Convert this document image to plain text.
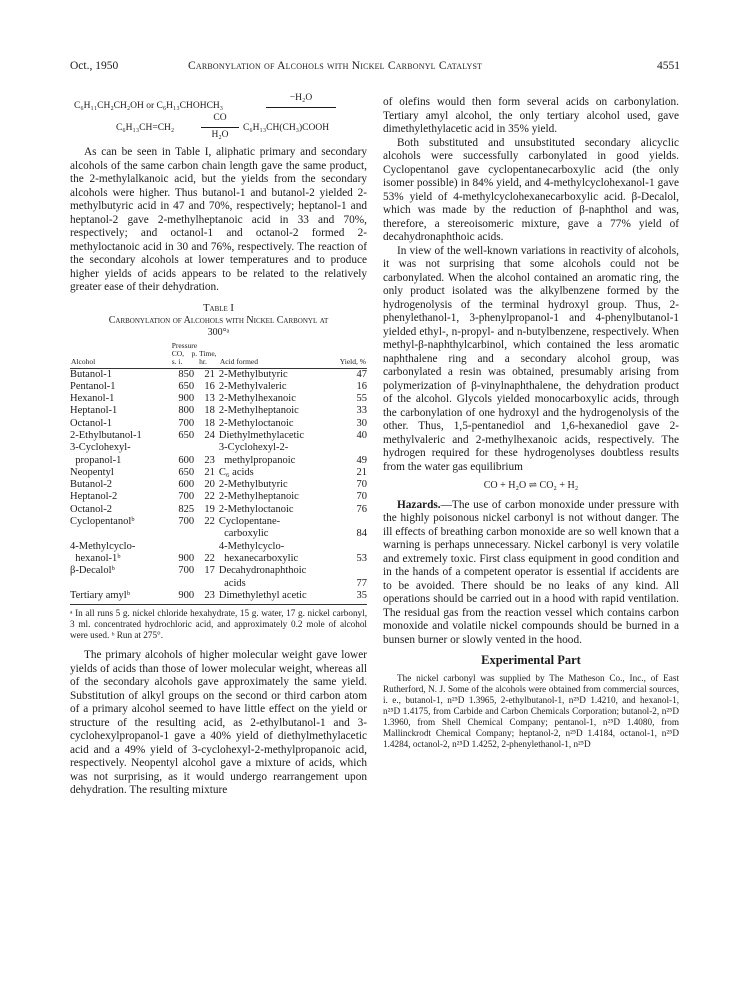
Oct., 1950	Carbonylation of Alcohols with Nickel Carbonyl Catalyst	4551
C₆H₁₁CH₂CH₂OH or C₆H₁₃CHOHCH₃
−H₂O
C₆H₁₃CH=CH₂
CO
H₂O
C₆H₁₃CH(CH₃)COOH

As can be seen in Table I, aliphatic primary and secondary alcohols of the same carbon chain length gave the same product, the 2-methylalkanoic acid, but the yields from the secondary alcohols were higher. Thus butanol-1 and butanol-2 yielded 2-methylbutyric acid in 47 and 70%, respectively; heptanol-1 and heptanol-2 gave 2-methylheptanoic acid in 33 and 70%, respectively; and octanol-1 and octanol-2 formed 2-methyloctanoic acid in 30 and 76%, respectively. The reaction of the secondary alcohols at lower temperatures and to produce higher yields of acids appears to be related to the relatively greater ease of their dehydration.

Table I
Carbonylation of Alcohols with Nickel Carbonyl at
300°ᵃ
Alcohol	Pressure CO, p. s. i.	Time, hr.	Acid formed	Yield, %
Butanol-1	850	21	2-Methylbutyric	47
Pentanol-1	650	16	2-Methylvaleric	16
Hexanol-1	900	13	2-Methylhexanoic	55
Heptanol-1	800	18	2-Methylheptanoic	33
Octanol-1	700	18	2-Methyloctanoic	30
2-Ethylbutanol-1	650	24	Diethylmethylacetic	40
3-Cyclohexyl-			3-Cyclohexyl-2-	
propanol-1	600	23	methylpropanoic	49
Neopentyl	650	21	C₆ acids	21
Butanol-2	600	20	2-Methylbutyric	70
Heptanol-2	700	22	2-Methylheptanoic	70
Octanol-2	825	19	2-Methyloctanoic	76
Cyclopentanolᵇ	700	22	Cyclopentane-	
			carboxylic	84
4-Methylcyclo-			4-Methylcyclo-	
hexanol-1ᵇ	900	22	hexanecarboxylic	53
β-Decalolᵇ	700	17	Decahydronaphthoic	
			acids	77
Tertiary amylᵇ	900	23	Dimethylethyl acetic	35
ᵃ In all runs 5 g. nickel chloride hexahydrate, 15 g. water, 17 g. nickel carbonyl, 3 ml. concentrated hydrochloric acid, and approximately 0.2 mole of alcohol were used. ᵇ Run at 275°.

The primary alcohols of higher molecular weight gave lower yields of acids than those of lower molecular weight, whereas all of the secondary alcohols gave approximately the same yield. Substitution of alkyl groups on the second or third carbon atom of a primary alcohol seemed to have little effect on the yield or structure of the resulting acid, as 2-ethylbutanol-1 and 3-cyclohexylpropanol-1 gave a 40% yield of diethylmethylacetic acid and a 49% yield of 3-cyclohexyl-2-methylpropanoic acid, respectively. Neopentyl alcohol gave a mixture of acids, which was not surprising, as it would undergo rearrangement upon dehydration. The resulting mixture

of olefins would then form several acids on carbonylation. Tertiary amyl alcohol, the only tertiary alcohol used, gave dimethylethylacetic acid in 35% yield.

Both substituted and unsubstituted secondary alicyclic alcohols were successfully carbonylated in good yields. Cyclopentanol gave cyclopentanecarboxylic acid (the only isomer possible) in 84% yield, and 4-methylcyclohexanol-1 gave 53% yield of 4-methylcyclohexanecarboxylic acid. β-Decalol, which was made by the reduction of β-naphthol and was, therefore, a stereoisomeric mixture, gave a 77% yield of decahydronaphthoic acids.

In view of the well-known variations in reactivity of alcohols, it was not surprising that some alcohols could not be carbonylated. When the alcohol contained an aromatic ring, the only product isolated was the alkylbenzene formed by the hydrogenolysis of the terminal hydroxyl group. Thus, 2-phenylethanol-1, 3-phenylpropanol-1 and 4-phenylbutanol-1 yielded ethyl-, n-propyl- and n-butylbenzene, respectively. When methyl-β-naphthylcarbinol, which contained the less aromatic naphthalene ring and a secondary alcohol group, was carbonylated a resin was obtained, presumably arising from polymerization of β-vinylnaphthalene, the dehydration product of the alcohol. Glycols yielded monocarboxylic acids, through the carbonylation of one hydroxyl and the hydrogenolysis of the other. Thus, 1,5-pentanediol and 1,6-hexanediol gave 2-methylvaleric and 2-methylhexanoic acids, respectively. The hydrogen required for these hydrogenolyses doubtless results from the water gas equilibrium

CO + H₂O ⇌ CO₂ + H₂

Hazards.—The use of carbon monoxide under pressure with the highly poisonous nickel carbonyl is not without danger. The ill effects of breathing carbon monoxide are so well known that a warning is perhaps unnecessary. Nickel carbonyl is very volatile and extremely toxic. First class equipment in good condition and in the hands of a competent operator is essential if accidents are to be avoided. There should be no leaks of any kind. All operations should be carried out in a hood with rapid ventilation. The residual gas from the reaction vessel which contains carbon monoxide and volatile nickel compounds should be burned in a bunsen burner or slowly vented in the hood.

Experimental Part

The nickel carbonyl was supplied by The Matheson Co., Inc., of East Rutherford, N. J. Some of the alcohols were obtained from commercial sources, i. e., butanol-1, n²⁵D 1.3965, 2-ethylbutanol-1, n²⁵D 1.4210, and hexanol-1, n²⁵D 1.4175, from Carbide and Carbon Chemicals Corporation; butanol-2, n²⁵D 1.3960, from Shell Chemical Company; pentanol-1, n²⁵D 1.4080, from Mallinckrodt Chemical Company; heptanol-2, n²⁵D 1.4184, octanol-1, n²⁵D 1.4284, octanol-2, n²⁵D 1.4252, 2-phenylethanol-1, n²⁵D
